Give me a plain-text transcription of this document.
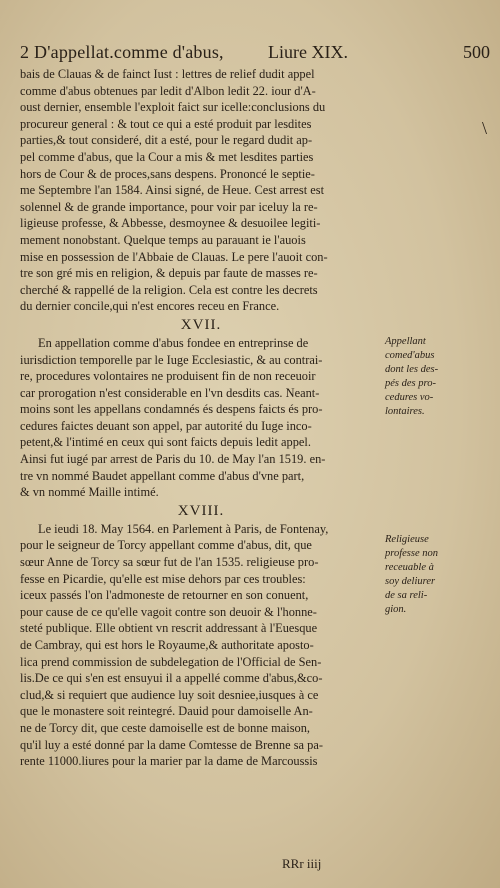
2 D'appellat.comme d'abus, Liure XIX.	500
\
bais de Clauas & de fainct Iust : lettres de relief dudit appel
comme d'abus obtenues par ledit d'Albon ledit 22. iour d'A-
oust dernier, ensemble l'exploit faict sur icelle:conclusions du
procureur general : & tout ce qui a esté produit par lesdites
parties,& tout consideré, dit a esté, pour le regard dudit ap-
pel comme d'abus, que la Cour a mis & met lesdites parties
hors de Cour & de proces,sans despens. Prononcé le septie-
me Septembre l'an 1584. Ainsi signé, de Heue. Cest arrest est
solennel & de grande importance, pour voir par iceluy la re-
ligieuse professe, & Abbesse, desmoynee & desuoilee legiti-
mement nonobstant. Quelque temps au parauant ie l'auois
mise en possession de l'Abbaie de Clauas. Le pere l'auoit con-
tre son gré mis en religion, & depuis par faute de masses re-
cherché & rappellé de la religion. Cela est contre les decrets
du dernier concile,qui n'est encores receu en France.
XVII.
En appellation comme d'abus fondee en entreprinse de
iurisdiction temporelle par le Iuge Ecclesiastic, & au contrai-
re, procedures volontaires ne produisent fin de non receuoir
car prorogation n'est considerable en l'vn desdits cas. Neant-
moins sont les appellans condamnés és despens faicts és pro-
cedures faictes deuant son appel, par autorité du Iuge inco-
petent,& l'intimé en ceux qui sont faicts depuis ledit appel.
Ainsi fut iugé par arrest de Paris du 10. de May l'an 1519. en-
tre vn nommé Baudet appellant comme d'abus d'vne part,
& vn nommé Maille intimé.
Appellant
comed'abus
dont les des-
pés des pro-
cedures vo-
lontaires.
XVIII.
Le ieudi 18. May 1564. en Parlement à Paris, de Fontenay,
pour le seigneur de Torcy appellant comme d'abus, dit, que
sœur Anne de Torcy sa sœur fut de l'an 1535. religieuse pro-
fesse en Picardie, qu'elle est mise dehors par ces troubles:
iceux passés l'on l'admoneste de retourner en son conuent,
pour cause de ce qu'elle vagoit contre son deuoir & l'honne-
steté publique. Elle obtient vn rescrit addressant à l'Euesque
de Cambray, qui est hors le Royaume,& authoritate aposto-
lica prend commission de subdelegation de l'Official de Sen-
lis.De ce qui s'en est ensuyui il a appellé comme d'abus,&co-
clud,& si requiert que audience luy soit desniee,iusques à ce
que le monastere soit reintegré. Dauid pour damoiselle An-
ne de Torcy dit, que ceste damoiselle est de bonne maison,
qu'il luy a esté donné par la dame Comtesse de Brenne sa pa-
rente 11000.liures pour la marier par la dame de Marcoussis
Religieuse
professe non
receuable à
soy deliurer
de sa reli-
gion.
RRr iiij
